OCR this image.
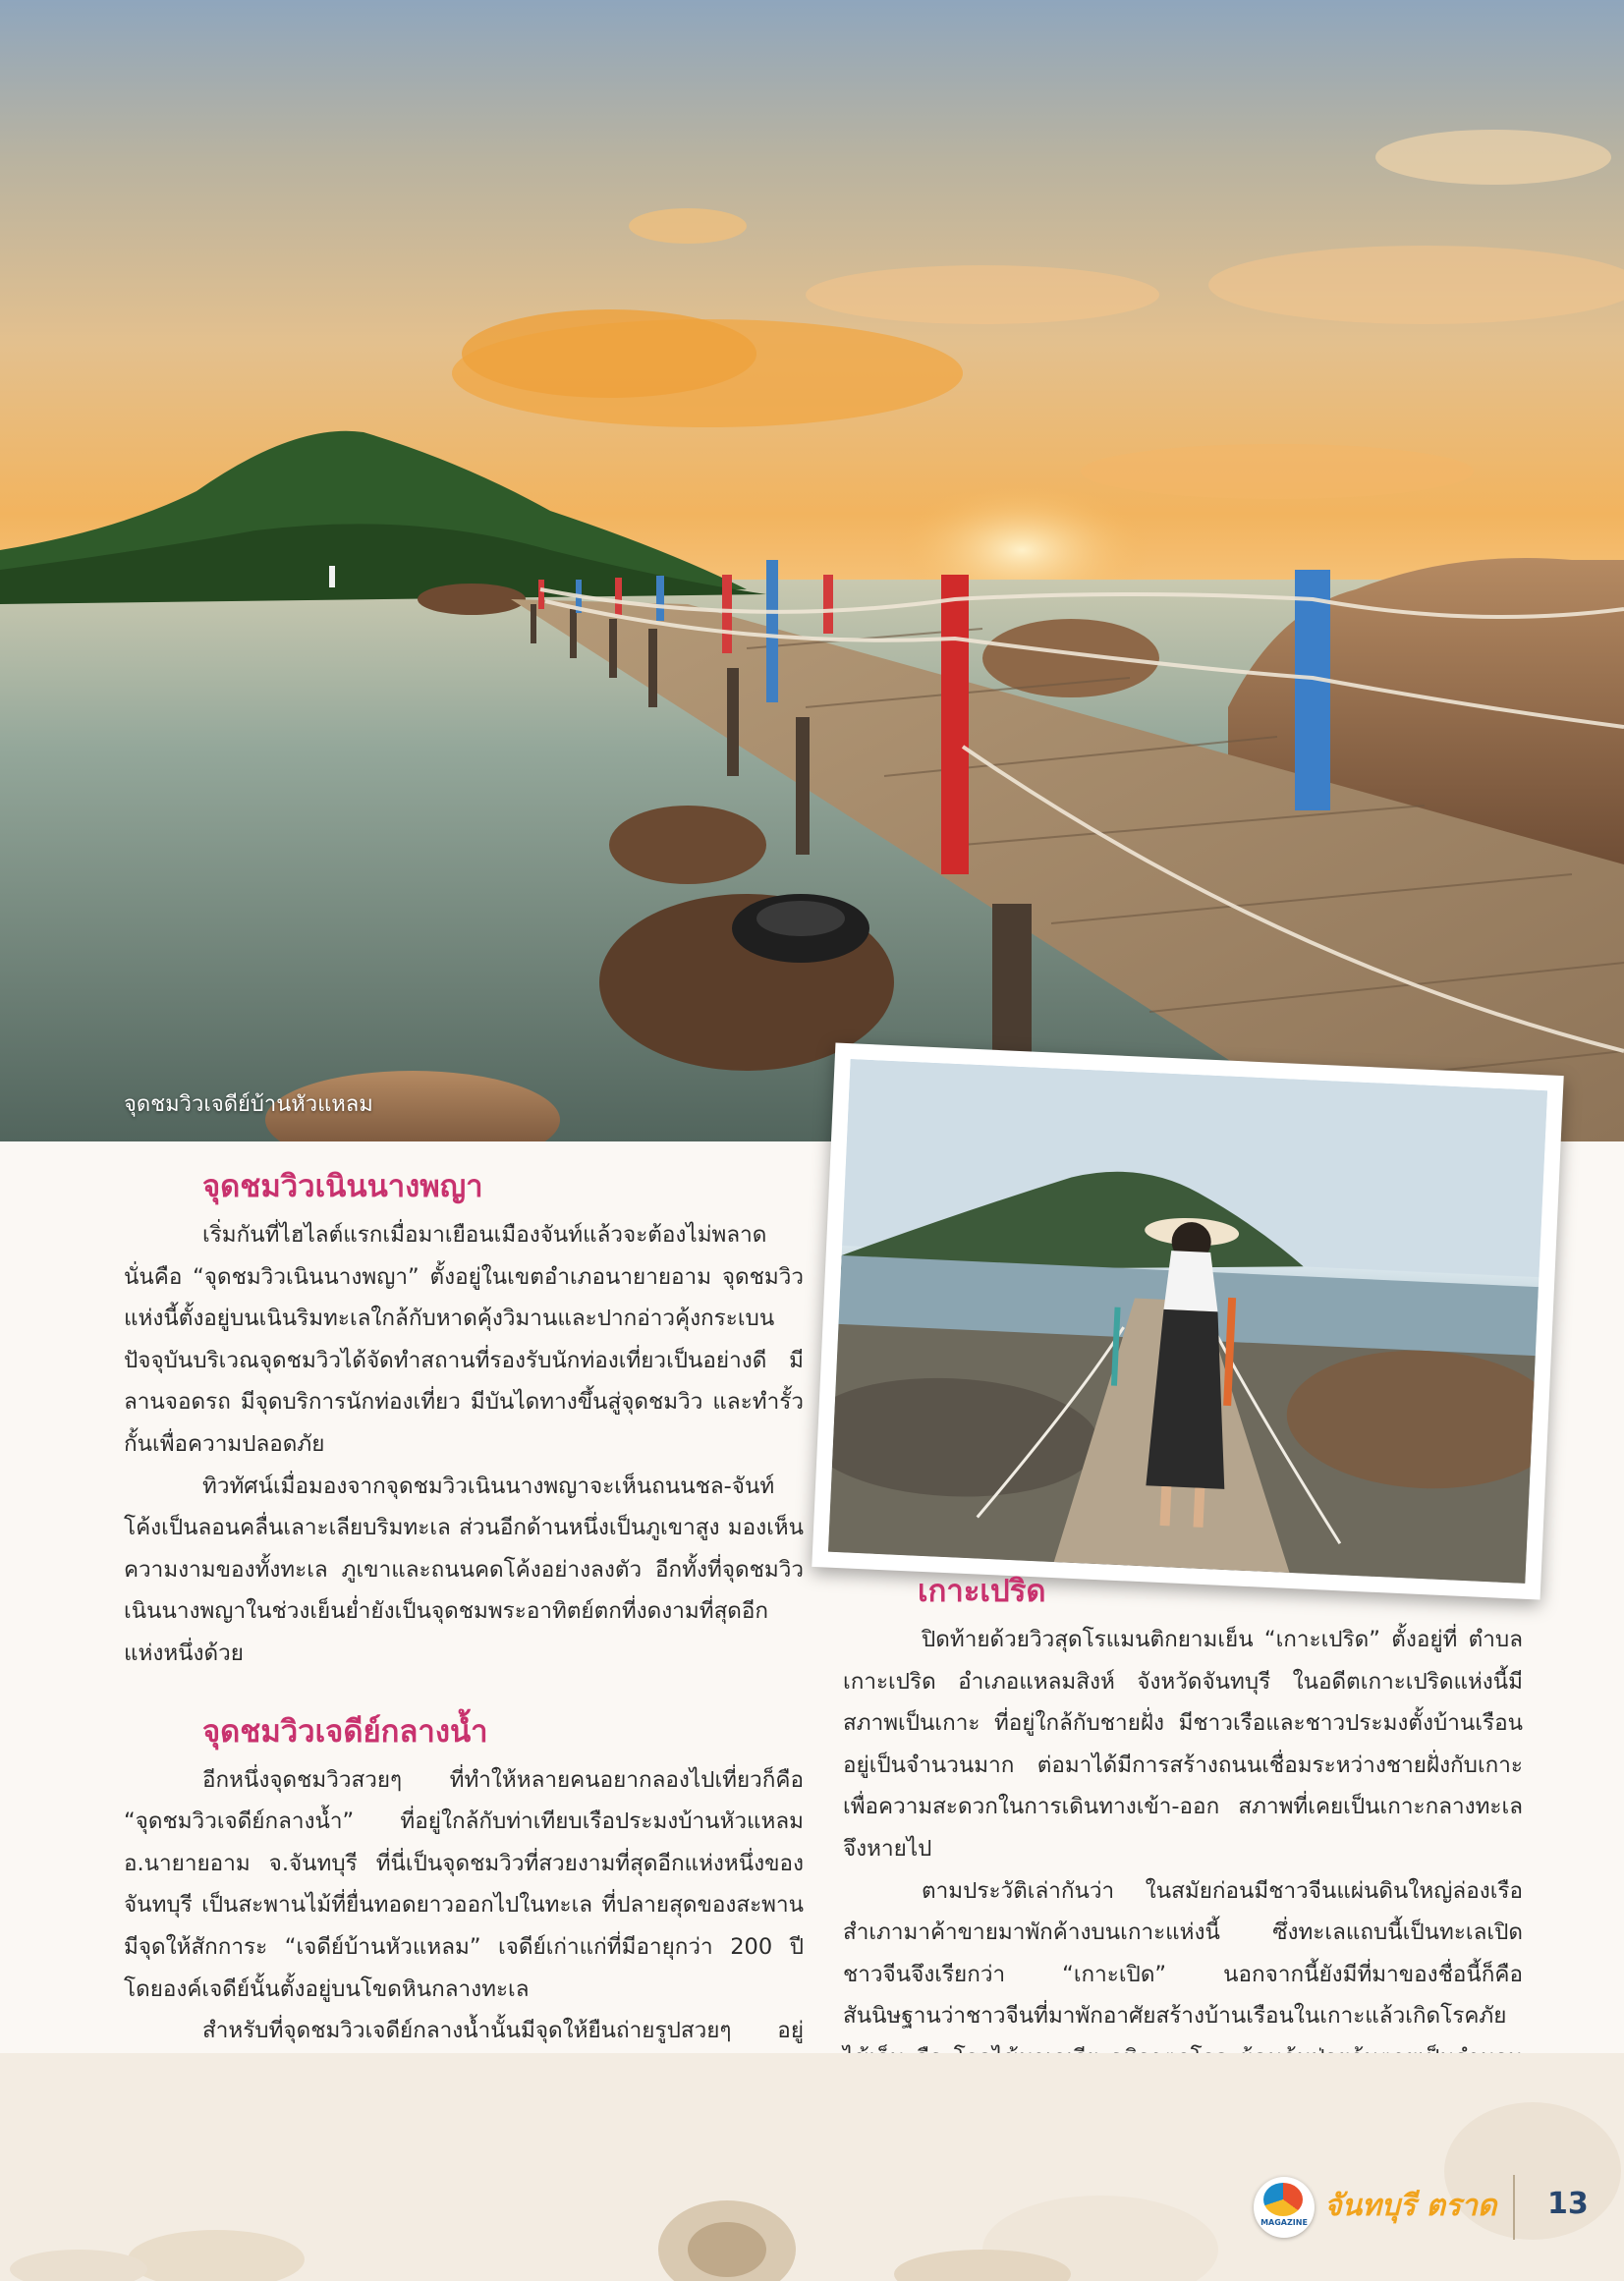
จุดชมวิวเจดีย์บ้านหัวแหลม
จุดชมวิวเนินนางพญา

เริ่มกันที่ไฮไลต์แรกเมื่อมาเยือนเมืองจันท์แล้วจะต้องไม่พลาด นั่นคือ “จุดชมวิวเนินนางพญา” ตั้งอยู่ในเขตอำเภอนายายอาม จุดชมวิวแห่งนี้ตั้งอยู่บนเนินริมทะเลใกล้กับหาดคุ้งวิมานและปากอ่าวคุ้งกระเบน ปัจจุบันบริเวณจุดชมวิวได้จัดทำสถานที่รองรับนักท่องเที่ยวเป็นอย่างดี มีลานจอดรถ มีจุดบริการนักท่องเที่ยว มีบันไดทางขึ้นสู่จุดชมวิว และทำรั้วกั้นเพื่อความปลอดภัย

ทิวทัศน์เมื่อมองจากจุดชมวิวเนินนางพญาจะเห็นถนนชล-จันท์โค้งเป็นลอนคลื่นเลาะเลียบริมทะเล ส่วนอีกด้านหนึ่งเป็นภูเขาสูง มองเห็นความงามของทั้งทะเล ภูเขาและถนนคดโค้งอย่างลงตัว อีกทั้งที่จุดชมวิวเนินนางพญาในช่วงเย็นย่ำยังเป็นจุดชมพระอาทิตย์ตกที่งดงามที่สุดอีกแห่งหนึ่งด้วย

จุดชมวิวเจดีย์กลางน้ำ

อีกหนึ่งจุดชมวิวสวยๆ ที่ทำให้หลายคนอยากลองไปเที่ยวก็คือ “จุดชมวิวเจดีย์กลางน้ำ” ที่อยู่ใกล้กับท่าเทียบเรือประมงบ้านหัวแหลม อ.นายายอาม จ.จันทบุรี ที่นี่เป็นจุดชมวิวที่สวยงามที่สุดอีกแห่งหนึ่งของจันทบุรี เป็นสะพานไม้ที่ยื่นทอดยาวออกไปในทะเล ที่ปลายสุดของสะพานมีจุดให้สักการะ “เจดีย์บ้านหัวแหลม” เจดีย์เก่าแก่ที่มีอายุกว่า 200 ปี โดยองค์เจดีย์นั้นตั้งอยู่บนโขดหินกลางทะเล

สำหรับที่จุดชมวิวเจดีย์กลางน้ำนั้นมีจุดให้ยืนถ่ายรูปสวยๆ อยู่

เกาะเปริด

ปิดท้ายด้วยวิวสุดโรแมนติกยามเย็น “เกาะเปริด” ตั้งอยู่ที่ ตำบลเกาะเปริด อำเภอแหลมสิงห์ จังหวัดจันทบุรี ในอดีตเกาะเปริดแห่งนี้มีสภาพเป็นเกาะ ที่อยู่ใกล้กับชายฝั่ง มีชาวเรือและชาวประมงตั้งบ้านเรือนอยู่เป็นจำนวนมาก ต่อมาได้มีการสร้างถนนเชื่อมระหว่างชายฝั่งกับเกาะเพื่อความสะดวกในการเดินทางเข้า-ออก สภาพที่เคยเป็นเกาะกลางทะเลจึงหายไป

ตามประวัติเล่ากันว่า ในสมัยก่อนมีชาวจีนแผ่นดินใหญ่ล่องเรือสำเภามาค้าขายมาพักค้างบนเกาะแห่งนี้ ซึ่งทะเลแถบนี้เป็นทะเลเปิด ชาวจีนจึงเรียกว่า “เกาะเปิด” นอกจากนี้ยังมีที่มาของชื่อนี้ก็คือ สันนิษฐานว่าชาวจีนที่มาพักอาศัยสร้างบ้านเรือนในเกาะแล้วเกิดโรคภัย

MAGAZINE จันทบุรี ตราด 13
